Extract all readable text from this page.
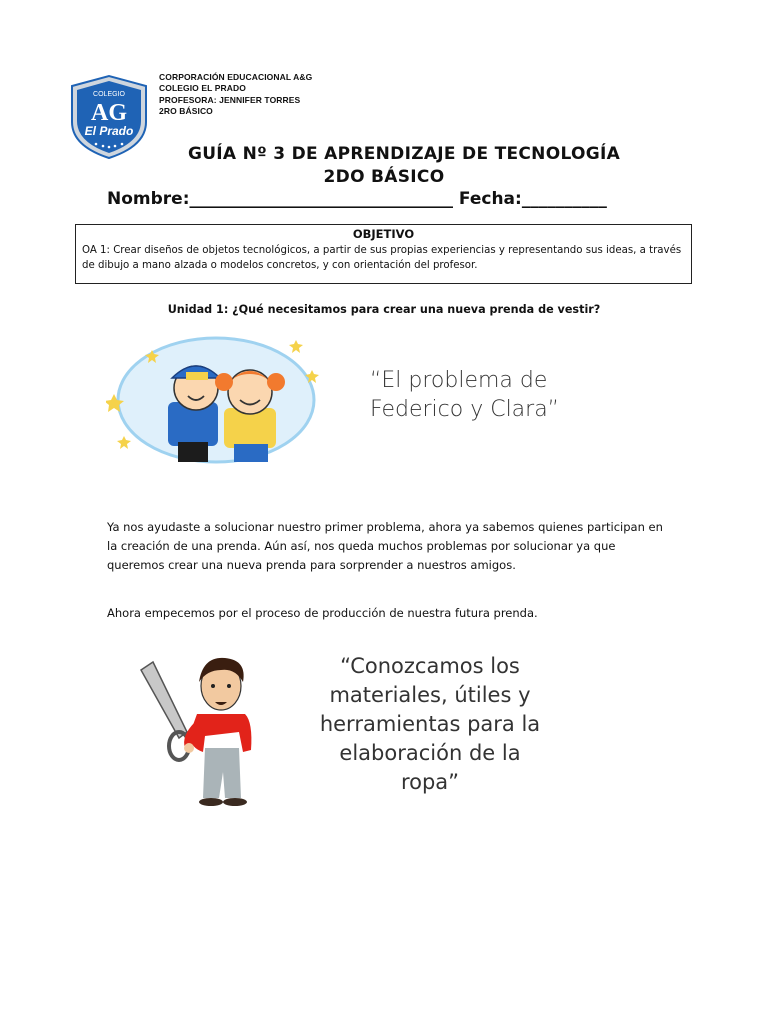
COLEGIO
AG
El Prado
CORPORACIÓN EDUCACIONAL A&G
COLEGIO EL PRADO
PROFESORA: JENNIFER TORRES
2RO BÁSICO
GUÍA Nº 3 DE APRENDIZAJE DE TECNOLOGÍA
2DO BÁSICO
Nombre:_______________________________ Fecha:__________
OBJETIVO
OA 1: Crear diseños de objetos tecnológicos, a partir de sus propias experiencias y representando sus ideas, a través de dibujo a mano alzada o modelos concretos, y con orientación del profesor.
Unidad 1: ¿Qué necesitamos para crear una nueva prenda de vestir?
“El problema de
Federico y Clara”
Ya nos ayudaste a solucionar nuestro primer problema, ahora ya sabemos quienes participan en la creación de una prenda. Aún así, nos queda muchos problemas por solucionar ya que queremos crear una nueva prenda para sorprender a nuestros amigos.
Ahora empecemos por el proceso de producción de nuestra futura prenda.
“Conozcamos los
materiales, útiles y
herramientas para la
elaboración de la
ropa”
